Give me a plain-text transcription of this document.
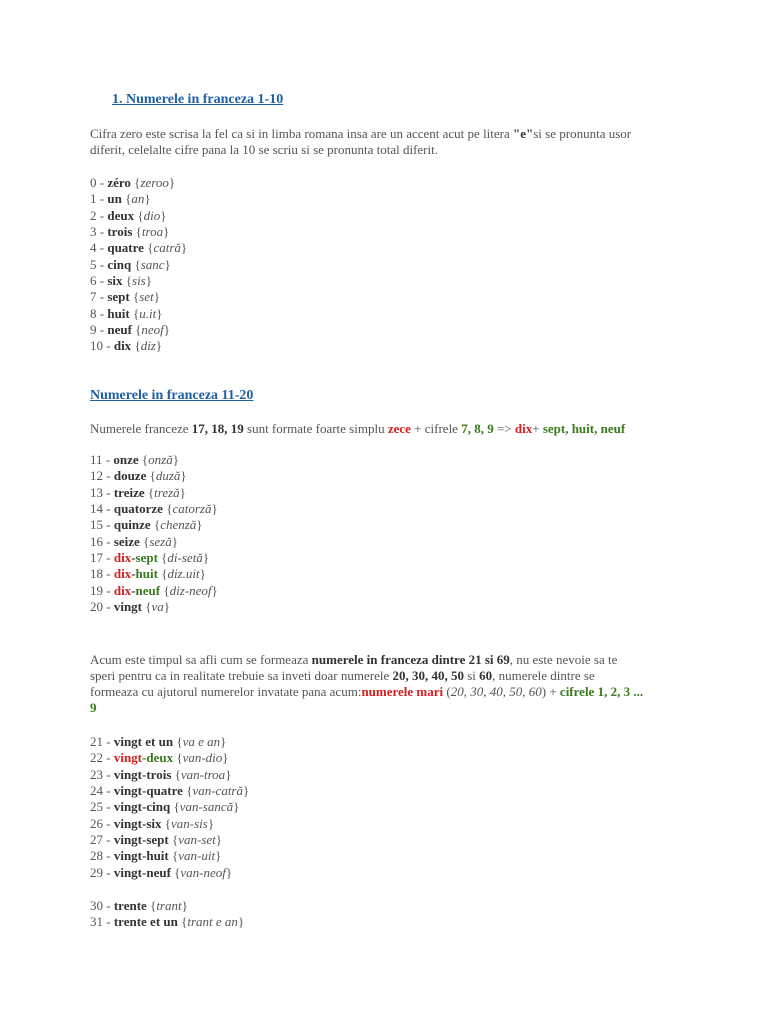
1. Numerele in franceza 1-10
Cifra zero este scrisa la fel ca si in limba romana insa are un accent acut pe litera "e"si se pronunta usor
diferit, celelalte cifre pana la 10 se scriu si se pronunta total diferit.
0 - zéro {zeroo}
1 - un {an}
2 - deux {dio}
3 - trois {troa}
4 - quatre {catră}
5 - cinq {sanc}
6 - six {sis}
7 - sept {set}
8 - huit {u.it}
9 - neuf {neof}
10 - dix {diz}
Numerele in franceza 11-20
Numerele franceze 17, 18, 19 sunt formate foarte simplu zece + cifrele 7, 8, 9 => dix+ sept, huit, neuf
11 - onze {onză}
12 - douze {duză}
13 - treize {treză}
14 - quatorze {catorză}
15 - quinze {chenză}
16 - seize {seză}
17 - dix-sept {di-setă}
18 - dix-huit {diz.uit}
19 - dix-neuf {diz-neof}
20 - vingt {va}
Acum este timpul sa afli cum se formeaza numerele in franceza dintre 21 si 69, nu este nevoie sa te
speri pentru ca in realitate trebuie sa inveti doar numerele 20, 30, 40, 50 si 60, numerele dintre se
formeaza cu ajutorul numerelor invatate pana acum:numerele mari (20, 30, 40, 50, 60) + cifrele 1, 2, 3 ...
9
21 - vingt et un {va e an}
22 - vingt-deux {van-dio}
23 - vingt-trois {van-troa}
24 - vingt-quatre {van-catră}
25 - vingt-cinq {van-sancă}
26 - vingt-six {van-sis}
27 - vingt-sept {van-set}
28 - vingt-huit {van-uit}
29 - vingt-neuf {van-neof}
30 - trente {trant}
31 - trente et un {trant e an}
